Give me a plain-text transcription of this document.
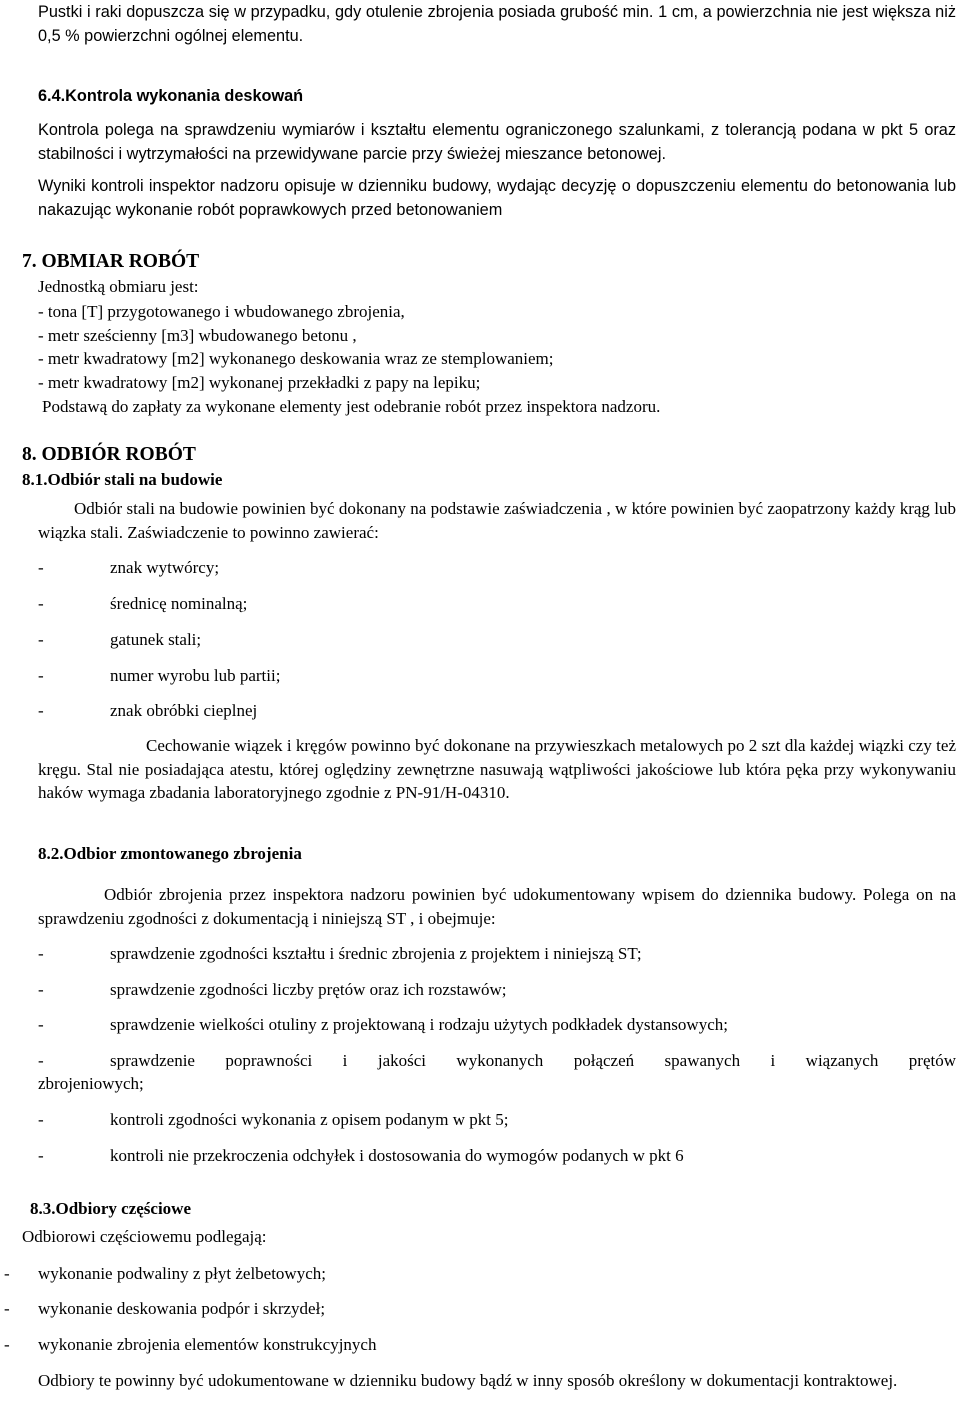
Pustki i raki dopuszcza się w przypadku, gdy otulenie zbrojenia posiada grubość min. 1 cm, a powierzchnia nie jest większa niż 0,5 % powierzchni ogólnej elementu.

6.4.Kontrola wykonania deskowań

Kontrola polega na sprawdzeniu wymiarów i kształtu elementu ograniczonego szalunkami, z tolerancją podana w pkt 5 oraz stabilności i wytrzymałości na przewidywane parcie przy świeżej mieszance betonowej.

Wyniki kontroli inspektor nadzoru opisuje w dzienniku budowy, wydając decyzję o dopuszczeniu elementu do betonowania lub nakazując wykonanie robót poprawkowych przed betonowaniem

7. OBMIAR ROBÓT

Jednostką obmiaru jest:

- tona [T] przygotowanego i wbudowanego zbrojenia,

- metr sześcienny [m3] wbudowanego betonu ,

- metr kwadratowy [m2] wykonanego deskowania wraz ze stemplowaniem;

- metr kwadratowy [m2] wykonanej przekładki z papy na lepiku;

Podstawą do zapłaty za wykonane elementy jest odebranie robót przez inspektora nadzoru.

8. ODBIÓR ROBÓT

8.1.Odbiór stali na budowie

Odbiór stali na budowie powinien być dokonany na podstawie zaświadczenia , w które powinien być zaopatrzony każdy krąg lub wiązka stali. Zaświadczenie to powinno zawierać:

-	znak wytwórcy;
-	średnicę nominalną;
-	gatunek stali;
-	numer wyrobu lub partii;
-	znak obróbki cieplnej

Cechowanie wiązek i kręgów powinno być dokonane na przywieszkach metalowych po 2 szt dla każdej wiązki czy też kręgu. Stal nie posiadająca atestu, której oględziny zewnętrzne nasuwają wątpliwości jakościowe lub która pęka przy wykonywaniu haków wymaga zbadania laboratoryjnego zgodnie z PN-91/H-04310.

8.2.Odbior zmontowanego zbrojenia

Odbiór zbrojenia przez inspektora nadzoru powinien być udokumentowany wpisem do dziennika budowy. Polega on na sprawdzeniu zgodności z dokumentacją i niniejszą ST , i obejmuje:

-	sprawdzenie zgodności kształtu i średnic zbrojenia z projektem i niniejszą ST;
-	sprawdzenie zgodności liczby prętów oraz ich rozstawów;
-	sprawdzenie wielkości otuliny z projektowaną i rodzaju użytych podkładek dystansowych;
-	sprawdzenie poprawności i jakości wykonanych połączeń spawanych i wiązanych prętów

zbrojeniowych;

-	kontroli zgodności wykonania z opisem podanym w pkt 5;
-	kontroli nie przekroczenia odchyłek i dostosowania do wymogów podanych w pkt 6

8.3.Odbiory częściowe

Odbiorowi częściowemu podlegają:

- wykonanie podwaliny z płyt żelbetowych;
- wykonanie deskowania podpór i skrzydeł;
- wykonanie zbrojenia elementów konstrukcyjnych

Odbiory te powinny być udokumentowane w dzienniku budowy bądź w inny sposób określony w dokumentacji kontraktowej.
